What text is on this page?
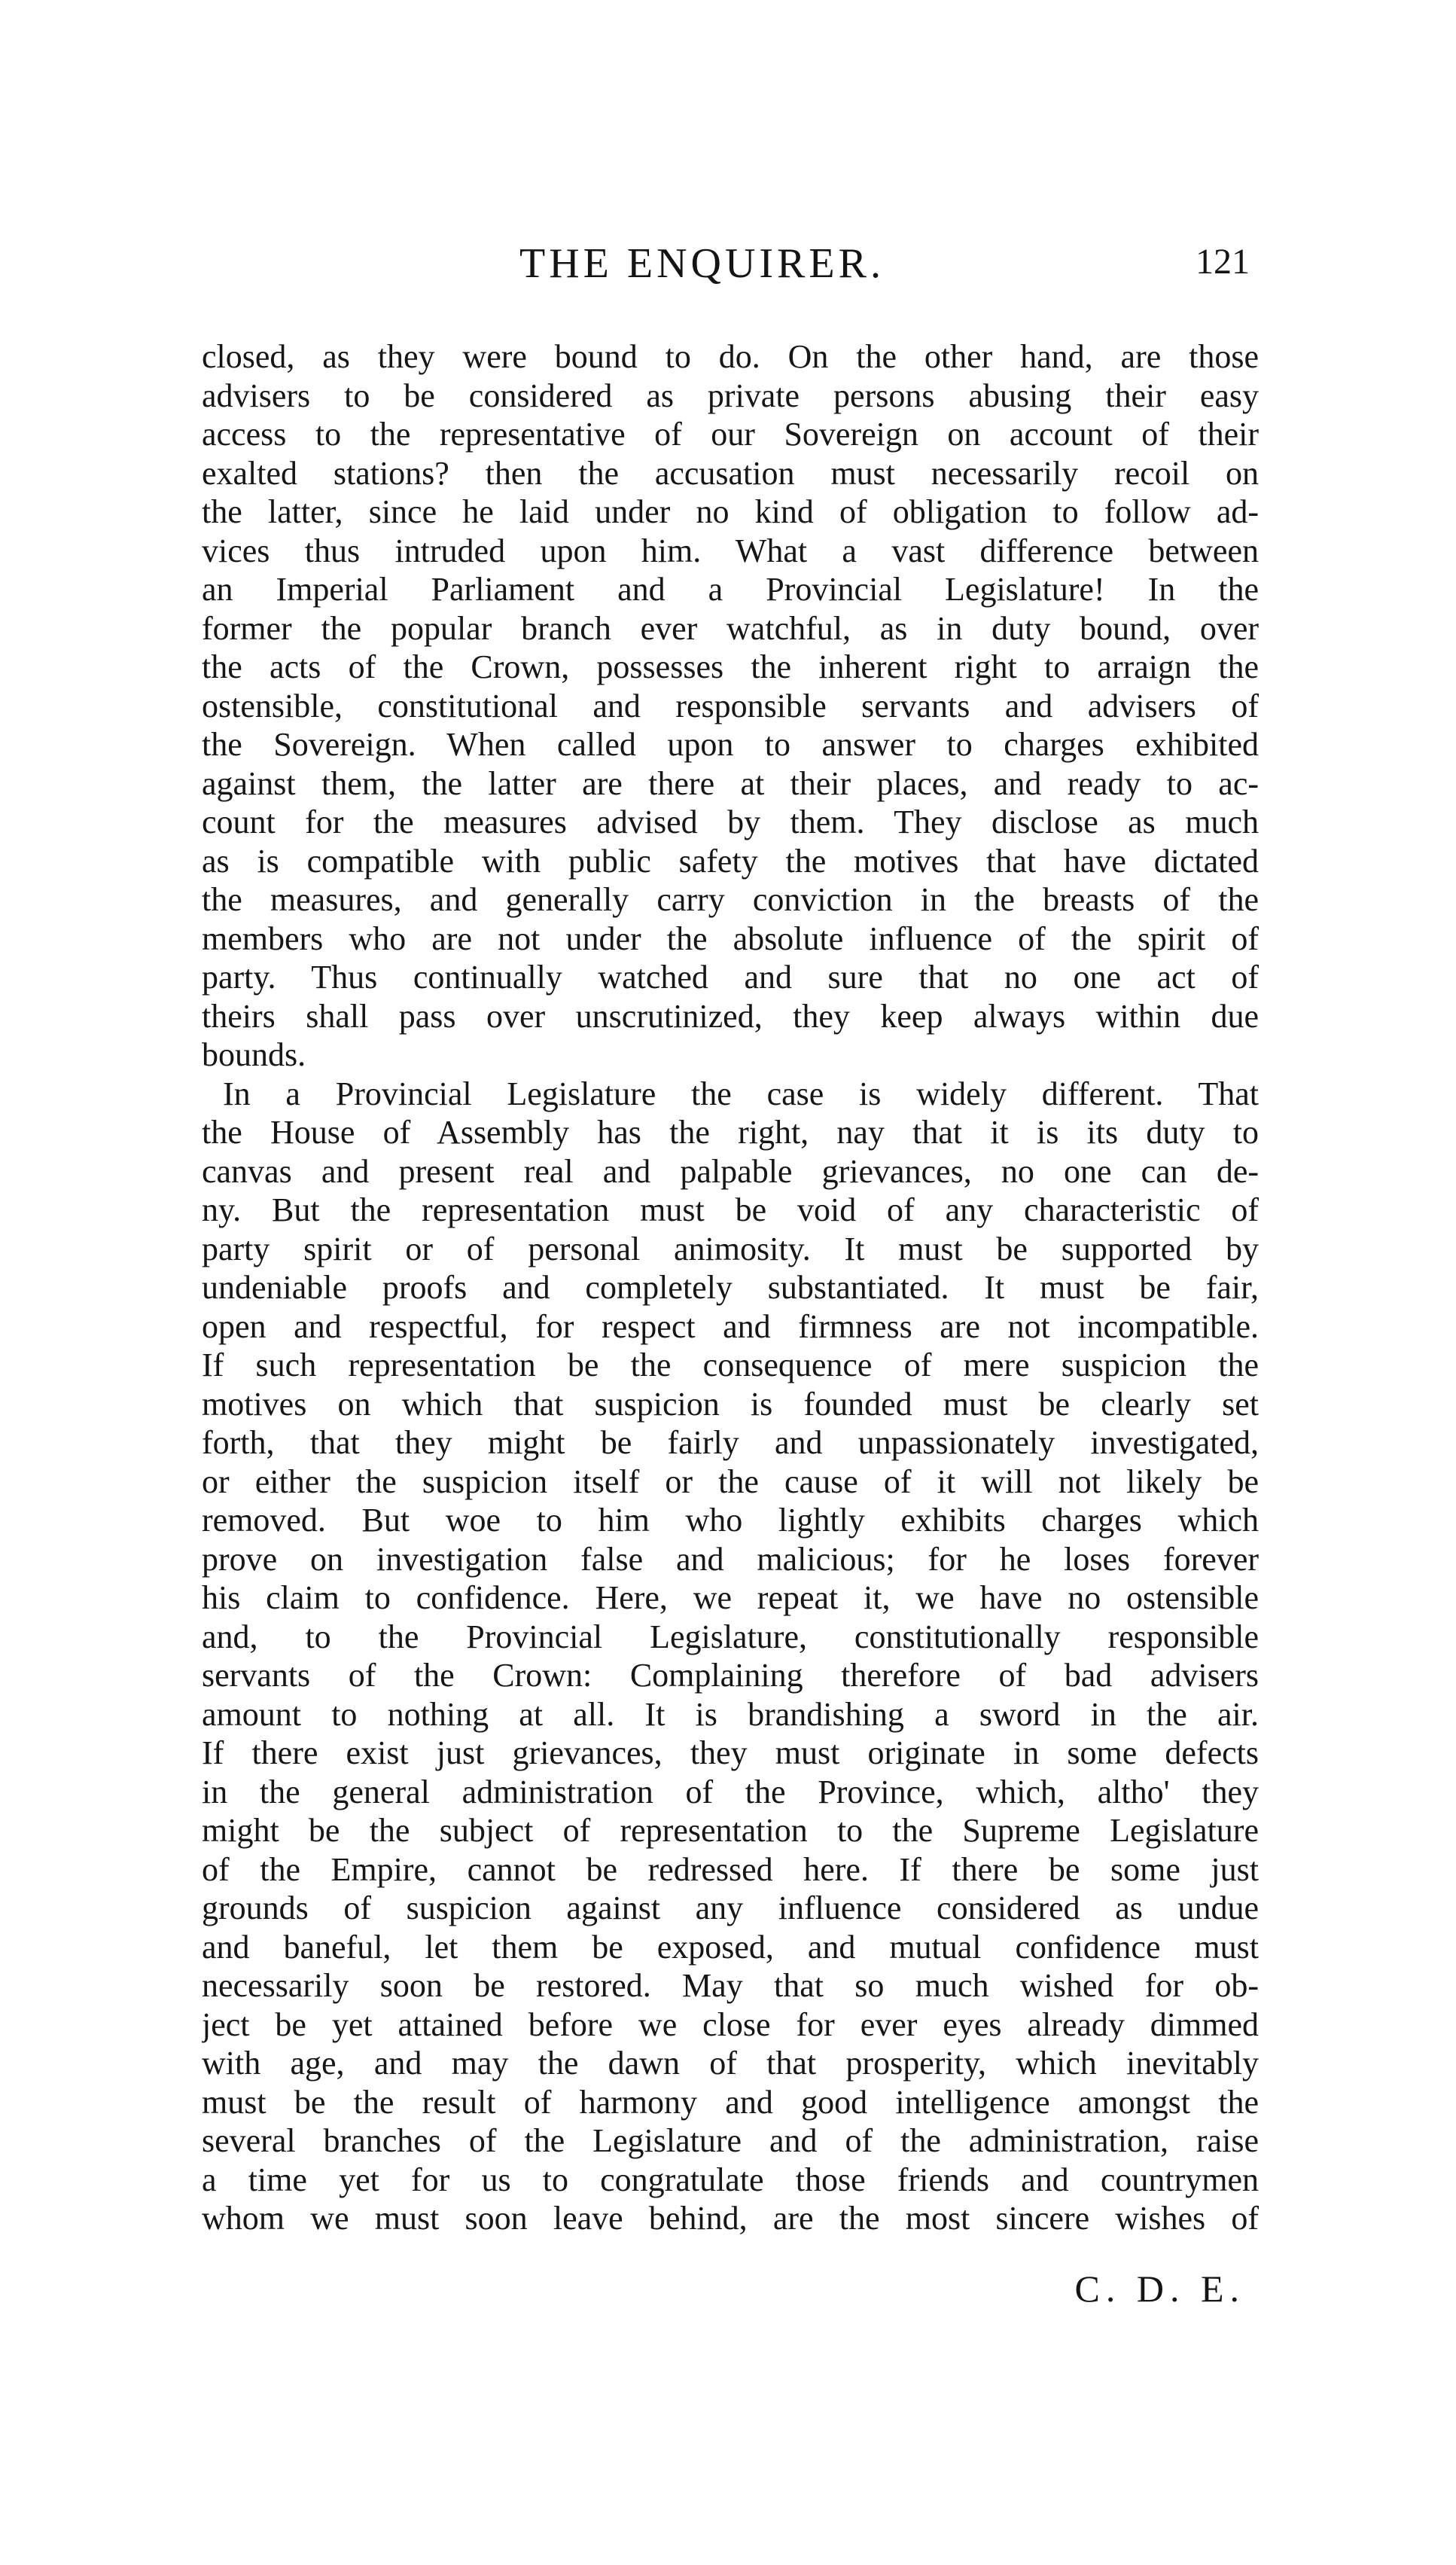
THE ENQUIRER.	121
closed, as they were bound to do. On the other hand, are those
advisers to be considered as private persons abusing their easy
access to the representative of our Sovereign on account of their
exalted stations? then the accusation must necessarily recoil on
the latter, since he laid under no kind of obligation to follow ad-
vices thus intruded upon him. What a vast difference between
an Imperial Parliament and a Provincial Legislature! In the
former the popular branch ever watchful, as in duty bound, over
the acts of the Crown, possesses the inherent right to arraign the
ostensible, constitutional and responsible servants and advisers of
the Sovereign. When called upon to answer to charges exhibited
against them, the latter are there at their places, and ready to ac-
count for the measures advised by them. They disclose as much
as is compatible with public safety the motives that have dictated
the measures, and generally carry conviction in the breasts of the
members who are not under the absolute influence of the spirit of
party. Thus continually watched and sure that no one act of
theirs shall pass over unscrutinized, they keep always within due
bounds.
In a Provincial Legislature the case is widely different. That
the House of Assembly has the right, nay that it is its duty to
canvas and present real and palpable grievances, no one can de-
ny. But the representation must be void of any characteristic of
party spirit or of personal animosity. It must be supported by
undeniable proofs and completely substantiated. It must be fair,
open and respectful, for respect and firmness are not incompatible.
If such representation be the consequence of mere suspicion the
motives on which that suspicion is founded must be clearly set
forth, that they might be fairly and unpassionately investigated,
or either the suspicion itself or the cause of it will not likely be
removed. But woe to him who lightly exhibits charges which
prove on investigation false and malicious; for he loses forever
his claim to confidence. Here, we repeat it, we have no ostensible
and, to the Provincial Legislature, constitutionally responsible
servants of the Crown: Complaining therefore of bad advisers
amount to nothing at all. It is brandishing a sword in the air.
If there exist just grievances, they must originate in some defects
in the general administration of the Province, which, altho' they
might be the subject of representation to the Supreme Legislature
of the Empire, cannot be redressed here. If there be some just
grounds of suspicion against any influence considered as undue
and baneful, let them be exposed, and mutual confidence must
necessarily soon be restored. May that so much wished for ob-
ject be yet attained before we close for ever eyes already dimmed
with age, and may the dawn of that prosperity, which inevitably
must be the result of harmony and good intelligence amongst the
several branches of the Legislature and of the administration, raise
a time yet for us to congratulate those friends and countrymen
whom we must soon leave behind, are the most sincere wishes of
C. D. E.
